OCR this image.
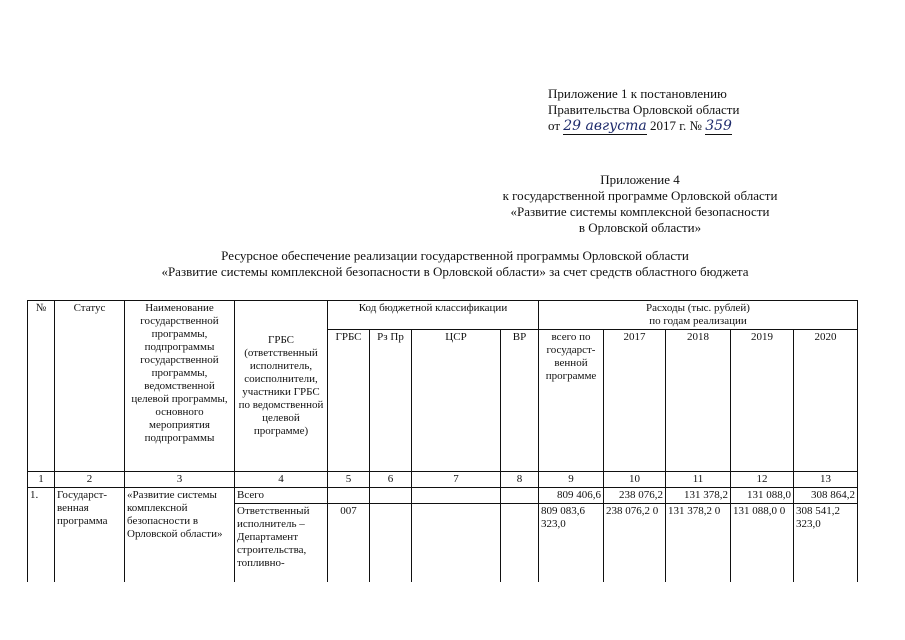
Приложение 1 к постановлению
Правительства Орловской области
от 29 августа 2017 г. № 359
Приложение 4
к государственной программе Орловской области
«Развитие системы комплексной безопасности
в Орловской области»
Ресурсное обеспечение реализации государственной программы Орловской области
«Развитие системы комплексной безопасности в Орловской области» за счет средств областного бюджета
№	Статус	Наименование государственной программы, подпрограммы государственной программы, ведомственной целевой программы, основного мероприятия подпрограммы	ГРБС (ответственный исполнитель, соисполнители, участники ГРБС по ведомственной целевой программе)	Код бюджетной классификации				Расходы (тыс. рублей)
по годам реализации				

				ГРБС	Рз Пр	ЦСР	ВР	всего по государст-венной программе	2017	2018	2019	2020
1	2	3	4	5	6	7	8	9	10	11	12	13
1.	Государст-венная программа	«Развитие системы комплексной безопасности в Орловской области»	Всего					809 406,6	238 076,2	131 378,2	131 088,0	308 864,2
			Ответственный исполнитель – Департамент строительства, топливно-	007				809 083,6 323,0	238 076,2 0	131 378,2 0	131 088,0 0	308 541,2 323,0
